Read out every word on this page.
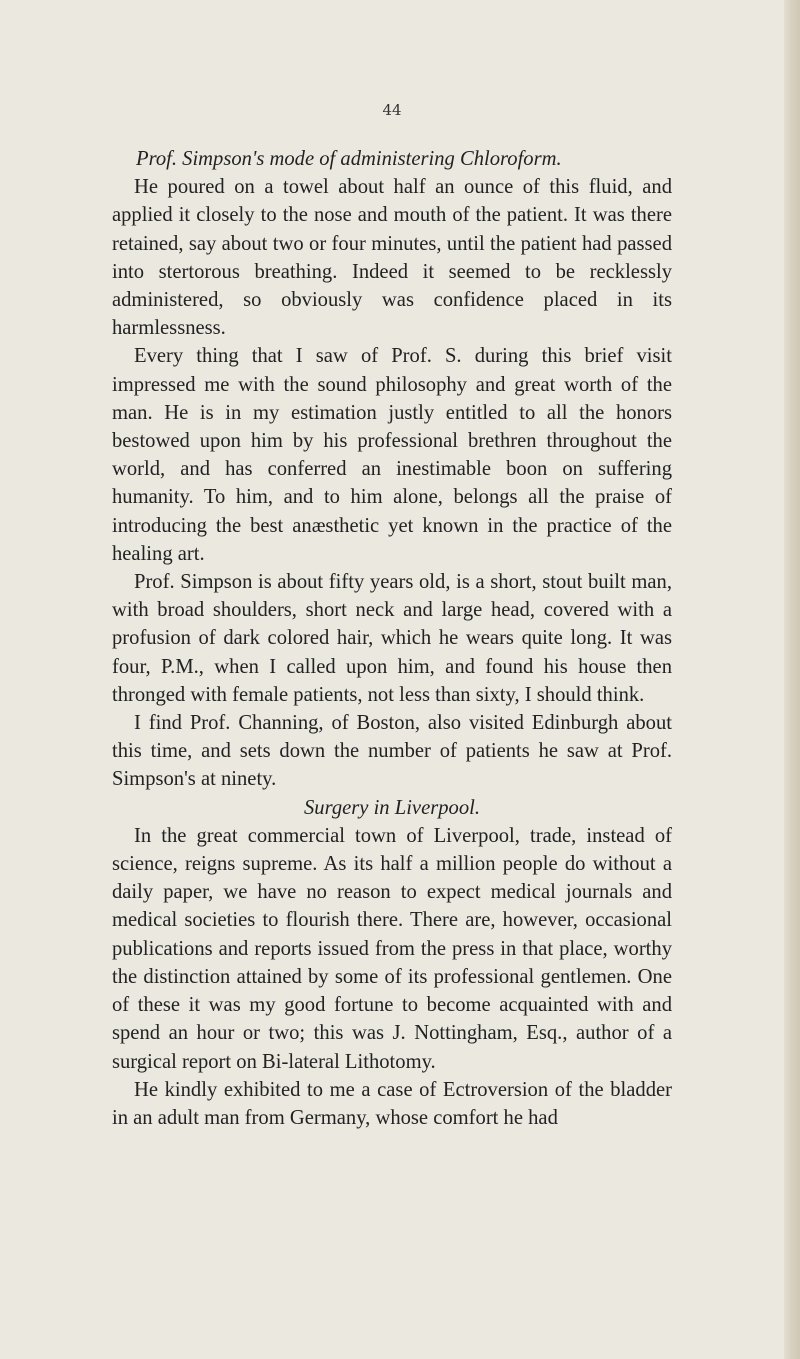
44
Prof. Simpson's mode of administering Chloroform.

He poured on a towel about half an ounce of this fluid, and applied it closely to the nose and mouth of the patient. It was there retained, say about two or four minutes, until the patient had passed into stertorous breathing. Indeed it seemed to be recklessly administered, so obviously was confidence placed in its harmlessness.

Every thing that I saw of Prof. S. during this brief visit impressed me with the sound philosophy and great worth of the man. He is in my estimation justly entitled to all the honors bestowed upon him by his professional brethren throughout the world, and has conferred an inestimable boon on suffering humanity. To him, and to him alone, belongs all the praise of introducing the best anæsthetic yet known in the practice of the healing art.

Prof. Simpson is about fifty years old, is a short, stout built man, with broad shoulders, short neck and large head, covered with a profusion of dark colored hair, which he wears quite long. It was four, P.M., when I called upon him, and found his house then thronged with female patients, not less than sixty, I should think.

I find Prof. Channing, of Boston, also visited Edinburgh about this time, and sets down the number of patients he saw at Prof. Simpson's at ninety.

Surgery in Liverpool.

In the great commercial town of Liverpool, trade, instead of science, reigns supreme. As its half a million people do without a daily paper, we have no reason to expect medical journals and medical societies to flourish there. There are, however, occasional publications and reports issued from the press in that place, worthy the distinction attained by some of its professional gentlemen. One of these it was my good fortune to become acquainted with and spend an hour or two; this was J. Nottingham, Esq., author of a surgical report on Bi-lateral Lithotomy.

He kindly exhibited to me a case of Ectroversion of the bladder in an adult man from Germany, whose comfort he had
